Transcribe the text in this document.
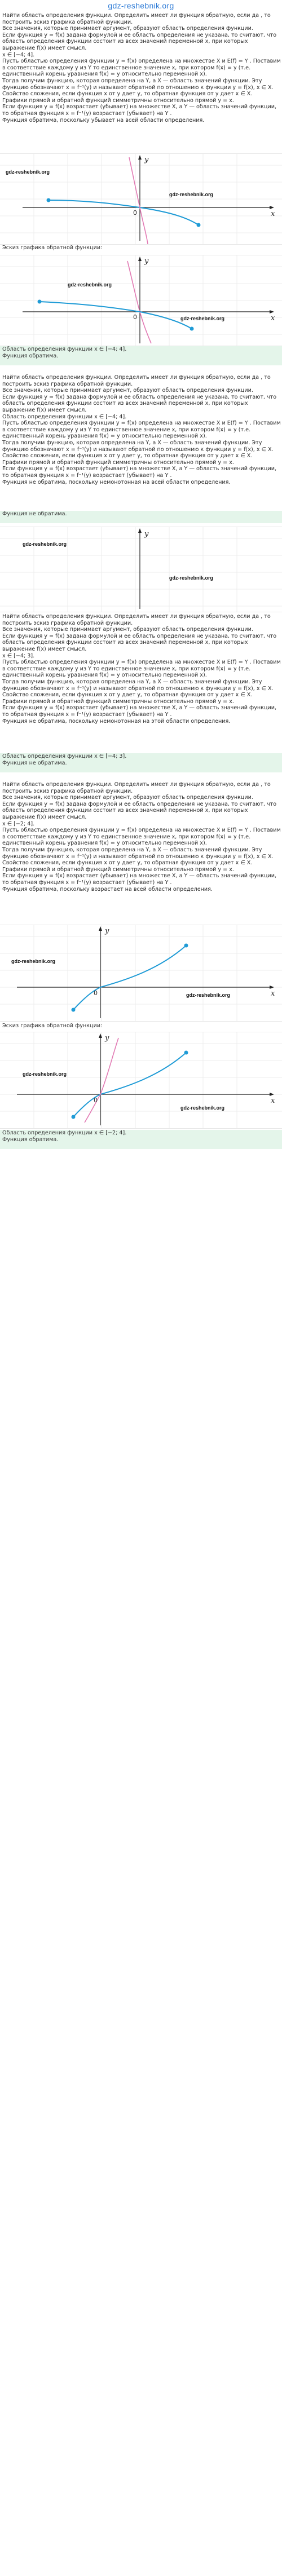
gdz-reshebnik.org

Найти область определения функции. Определить имеет ли функция обратную, если да , то построить эскиз графика обратной функции.

Все значения, которые принимает аргумент, образуют область определения функции.

Если функция y = f(x) задана формулой и ее область определения не указана, то считают, что область определения функции состоит из всех значений переменной x, при которых выражение f(x) имеет смысл.

x ∈ [−4; 4].

Пусть областью определения функции y = f(x) определена на множестве X и E(f) = Y . Поставим в соответствие каждому y из Y то единственное значение x, при котором f(x) = y (т.е. единственный корень уравнения f(x) = y относительно переменной x).

Тогда получим функцию, которая определена на Y, а X — область значений функции. Эту функцию обозначают x = f⁻¹(y) и называют обратной по отношению к функции y = f(x), x ∈ X.

Свойство сложения, если функция x от y дает y, то обратная функция от y дает x ∈ X.

Графики прямой и обратной функций симметричны относительно прямой y = x.

Если функция y = f(x) возрастает (убывает) на множестве X, а Y — область значений функции, то обратная функция x = f⁻¹(y) возрастает (убывает) на Y .

Функция обратима, поскольку убывает на всей области определения.

x
y
0

Эскиз графика обратной функции:

x
y
0

Область определения функции x ∈ [−4; 4].

Функция обратима.

Найти область определения функции. Определить имеет ли функция обратную, если да , то построить эскиз графика обратной функции.

Все значения, которые принимает аргумент, образуют область определения функции.

Если функция y = f(x) задана формулой и ее область определения не указана, то считают, что область определения функции состоит из всех значений переменной x, при которых выражение f(x) имеет смысл.

Область определения функции x ∈ [−4; 4].

Пусть областью определения функции y = f(x) определена на множестве X и E(f) = Y . Поставим в соответствие каждому y из Y то единственное значение x, при котором f(x) = y (т.е. единственный корень уравнения f(x) = y относительно переменной x).

Тогда получим функцию, которая определена на Y, а X — область значений функции. Эту функцию обозначают x = f⁻¹(y) и называют обратной по отношению к функции y = f(x), x ∈ X.

Свойство сложения, если функция x от y дает y, то обратная функция от y дает x ∈ X.

Графики прямой и обратной функций симметричны относительно прямой y = x.

Если функция y = f(x) возрастает (убывает) на множестве X, а Y — область значений функции, то обратная функция x = f⁻¹(y) возрастает (убывает) на Y .

Функция не обратима, поскольку немонотонная на всей области определения.

Функция не обратима.

y

Найти область определения функции. Определить имеет ли функция обратную, если да , то построить эскиз графика обратной функции.

Все значения, которые принимает аргумент, образуют область определения функции.

Если функция y = f(x) задана формулой и ее область определения не указана, то считают, что область определения функции состоит из всех значений переменной x, при которых выражение f(x) имеет смысл.

x ∈ [−4; 3].

Пусть областью определения функции y = f(x) определена на множестве X и E(f) = Y . Поставим в соответствие каждому y из Y то единственное значение x, при котором f(x) = y (т.е. единственный корень уравнения f(x) = y относительно переменной x).

Тогда получим функцию, которая определена на Y, а X — область значений функции. Эту функцию обозначают x = f⁻¹(y) и называют обратной по отношению к функции y = f(x), x ∈ X.

Свойство сложения, если функция x от y дает y, то обратная функция от y дает x ∈ X.

Графики прямой и обратной функций симметричны относительно прямой y = x.

Если функция y = f(x) возрастает (убывает) на множестве X, а Y — область значений функции, то обратная функция x = f⁻¹(y) возрастает (убывает) на Y .

Функция не обратима, поскольку немонотонная на этой области определения.

Область определения функции x ∈ [−4; 3].

Функция не обратима.

Найти область определения функции. Определить имеет ли функция обратную, если да , то построить эскиз графика обратной функции.

Все значения, которые принимает аргумент, образуют область определения функции.

Если функция y = f(x) задана формулой и ее область определения не указана, то считают, что область определения функции состоит из всех значений переменной x, при которых выражение f(x) имеет смысл.

x ∈ [−2; 4].

Пусть областью определения функции y = f(x) определена на множестве X и E(f) = Y . Поставим в соответствие каждому y из Y то единственное значение x, при котором f(x) = y (т.е. единственный корень уравнения f(x) = y относительно переменной x).

Тогда получим функцию, которая определена на Y, а X — область значений функции. Эту функцию обозначают x = f⁻¹(y) и называют обратной по отношению к функции y = f(x), x ∈ X.

Свойство сложения, если функция x от y дает y, то обратная функция от y дает x ∈ X.

Графики прямой и обратной функций симметричны относительно прямой y = x.

Если функция y = f(x) возрастает (убывает) на множестве X, а Y — область значений функции, то обратная функция x = f⁻¹(y) возрастает (убывает) на Y .

Функция обратима, поскольку возрастает на всей области определения.

x
y
0

Эскиз графика обратной функции:

x
y
0

Область определения функции x ∈ [−2; 4].

Функция обратима.

gdz-reshebnik.org
gdz-reshebnik.org
gdz-reshebnik.org
gdz-reshebnik.org
gdz-reshebnik.org
gdz-reshebnik.org
gdz-reshebnik.org
gdz-reshebnik.org
gdz-reshebnik.org
gdz-reshebnik.org
